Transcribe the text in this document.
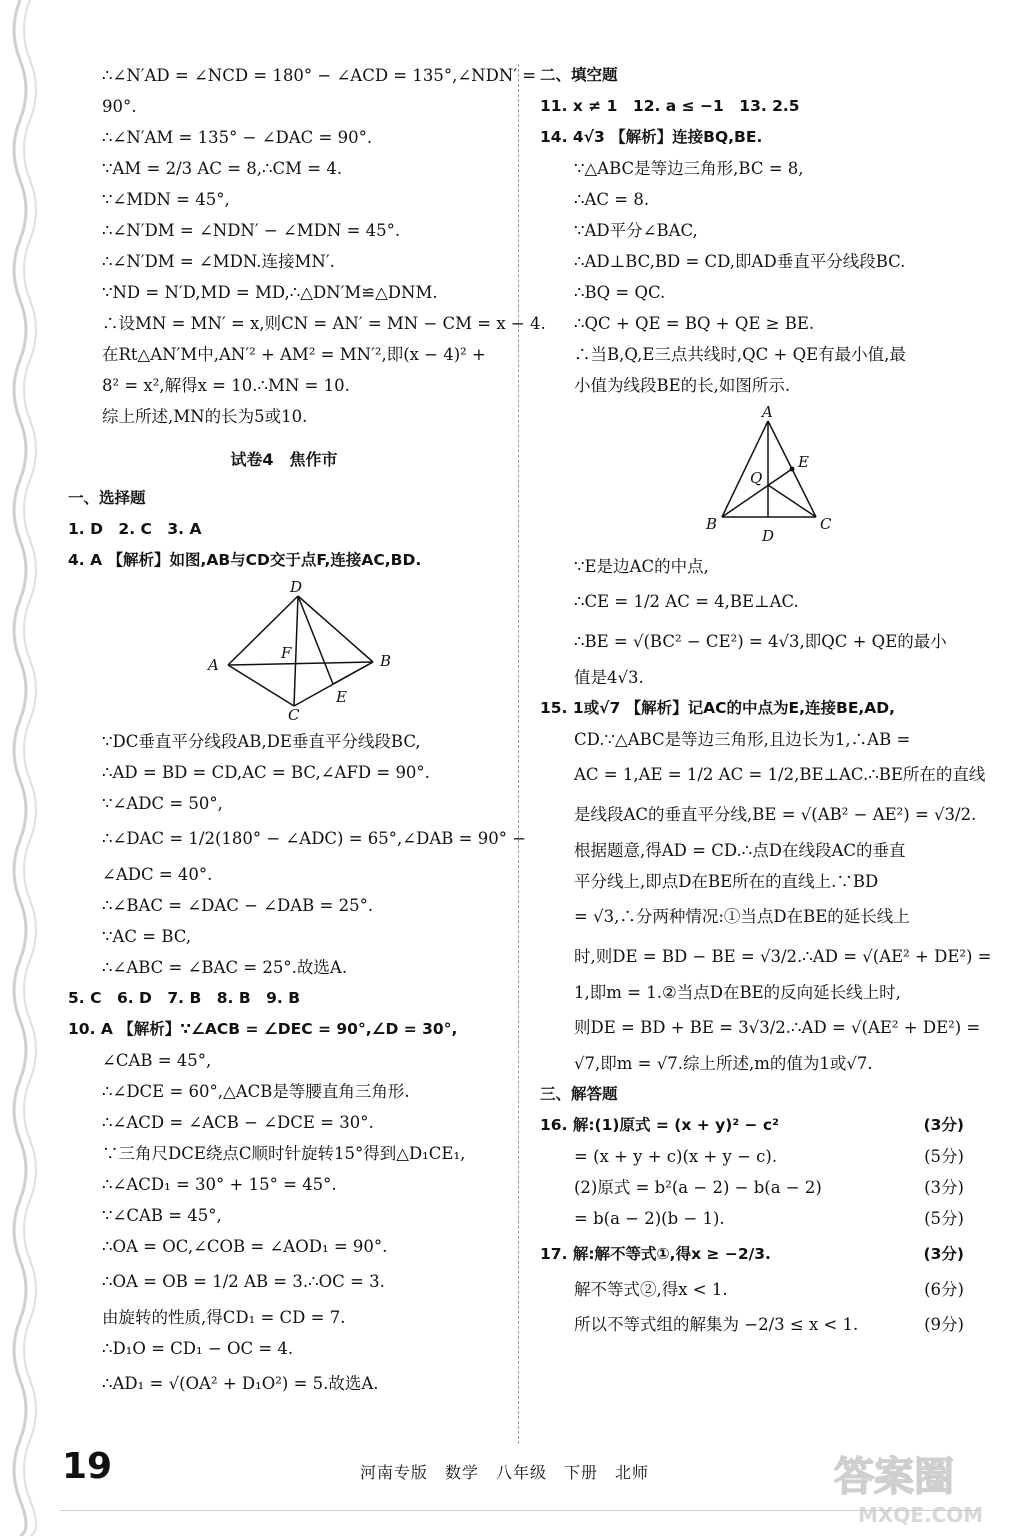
∴∠N′AD = ∠NCD = 180° − ∠ACD = 135°,∠NDN′ =
90°.
∴∠N′AM = 135° − ∠DAC = 90°.
∵AM = 2/3 AC = 8,∴CM = 4.
∵∠MDN = 45°,
∴∠N′DM = ∠NDN′ − ∠MDN = 45°.
∴∠N′DM = ∠MDN.连接MN′.
∵ND = N′D,MD = MD,∴△DN′M≌△DNM.
∴设MN = MN′ = x,则CN = AN′ = MN − CM = x − 4.
在Rt△AN′M中,AN′² + AM² = MN′²,即(x − 4)² +
8² = x²,解得x = 10.∴MN = 10.
综上所述,MN的长为5或10.
试卷4　焦作市
一、选择题
1. D　2. C　3. A
4. A 【解析】如图,AB与CD交于点F,连接AC,BD.
D
A
F	B
E
C
∵DC垂直平分线段AB,DE垂直平分线段BC,
∴AD = BD = CD,AC = BC,∠AFD = 90°.
∵∠ADC = 50°,
∴∠DAC = 1/2(180° − ∠ADC) = 65°,∠DAB = 90° −
∠ADC = 40°.
∴∠BAC = ∠DAC − ∠DAB = 25°.
∵AC = BC,
∴∠ABC = ∠BAC = 25°.故选A.
5. C　6. D　7. B　8. B　9. B
10. A 【解析】∵∠ACB = ∠DEC = 90°,∠D = 30°,
∠CAB = 45°,
∴∠DCE = 60°,△ACB是等腰直角三角形.
∴∠ACD = ∠ACB − ∠DCE = 30°.
∵三角尺DCE绕点C顺时针旋转15°得到△D₁CE₁,
∴∠ACD₁ = 30° + 15° = 45°.
∵∠CAB = 45°,
∴OA = OC,∠COB = ∠AOD₁ = 90°.
∴OA = OB = 1/2 AB = 3.∴OC = 3.
由旋转的性质,得CD₁ = CD = 7.
∴D₁O = CD₁ − OC = 4.
∴AD₁ = √(OA² + D₁O²) = 5.故选A.
二、填空题
11. x ≠ 1　12. a ≤ −1　13. 2.5
14. 4√3 【解析】连接BQ,BE.
∵△ABC是等边三角形,BC = 8,
∴AC = 8.
∵AD平分∠BAC,
∴AD⊥BC,BD = CD,即AD垂直平分线段BC.
∴BQ = QC.
∴QC + QE = BQ + QE ≥ BE.
∴当B,Q,E三点共线时,QC + QE有最小值,最
小值为线段BE的长,如图所示.
A
E
Q
B	C
D
∵E是边AC的中点,
∴CE = 1/2 AC = 4,BE⊥AC.
∴BE = √(BC² − CE²) = 4√3,即QC + QE的最小
值是4√3.
15. 1或√7 【解析】记AC的中点为E,连接BE,AD,
CD.∵△ABC是等边三角形,且边长为1,∴AB =
AC = 1,AE = 1/2 AC = 1/2,BE⊥AC.∴BE所在的直线
是线段AC的垂直平分线,BE = √(AB² − AE²) = √3/2.
根据题意,得AD = CD.∴点D在线段AC的垂直
平分线上,即点D在BE所在的直线上.∵BD
= √3,∴分两种情况:①当点D在BE的延长线上
时,则DE = BD − BE = √3/2.∴AD = √(AE² + DE²) =
1,即m = 1.②当点D在BE的反向延长线上时,
则DE = BD + BE = 3√3/2.∴AD = √(AE² + DE²) =
√7,即m = √7.综上所述,m的值为1或√7.
三、解答题
16. 解:(1)原式 = (x + y)² − c²	(3分)
= (x + y + c)(x + y − c).	(5分)
(2)原式 = b²(a − 2) − b(a − 2)	(3分)
= b(a − 2)(b − 1).	(5分)
17. 解:解不等式①,得x ≥ −2/3.	(3分)
解不等式②,得x < 1.	(6分)
所以不等式组的解集为 −2/3 ≤ x < 1.	(9分)
19	河南专版　数学　八年级　下册　北师	答案圈
MXQE.COM
